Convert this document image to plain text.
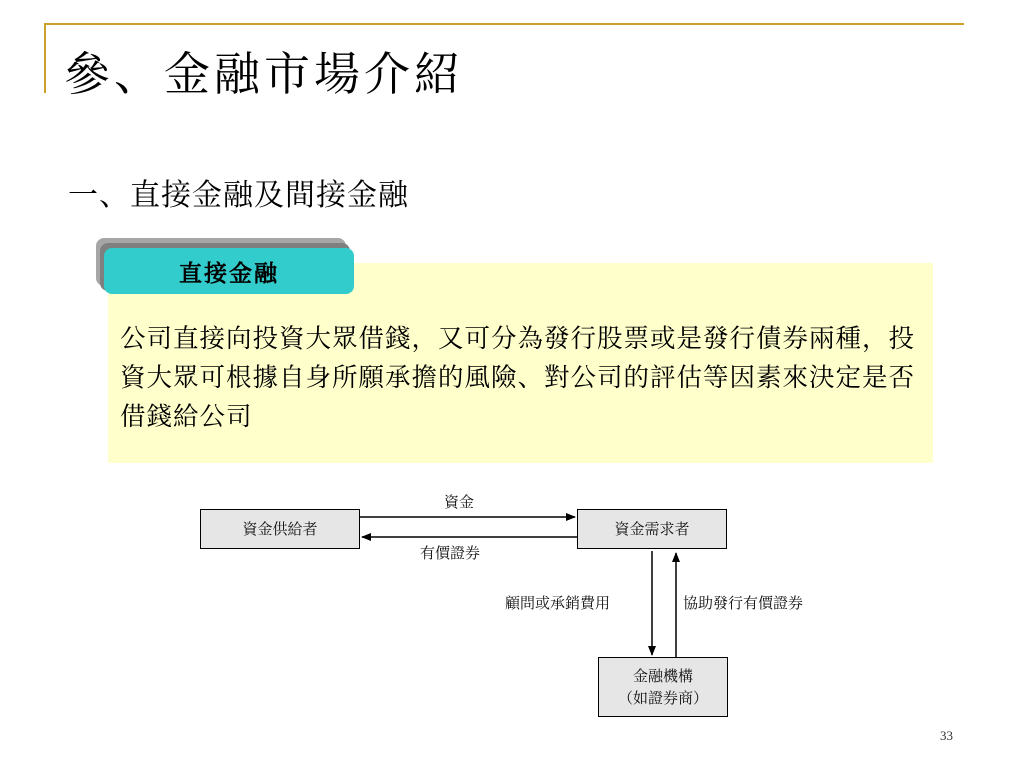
參、金融市場介紹
一、直接金融及間接金融
直接金融
公司直接向投資大眾借錢，又可分為發行股票或是發行債券兩種，投資大眾可根據自身所願承擔的風險、對公司的評估等因素來決定是否借錢給公司
資金供給者	資金需求者
金融機構
（如證券商）
資金
有價證券
顧問或承銷費用	協助發行有價證券
33
